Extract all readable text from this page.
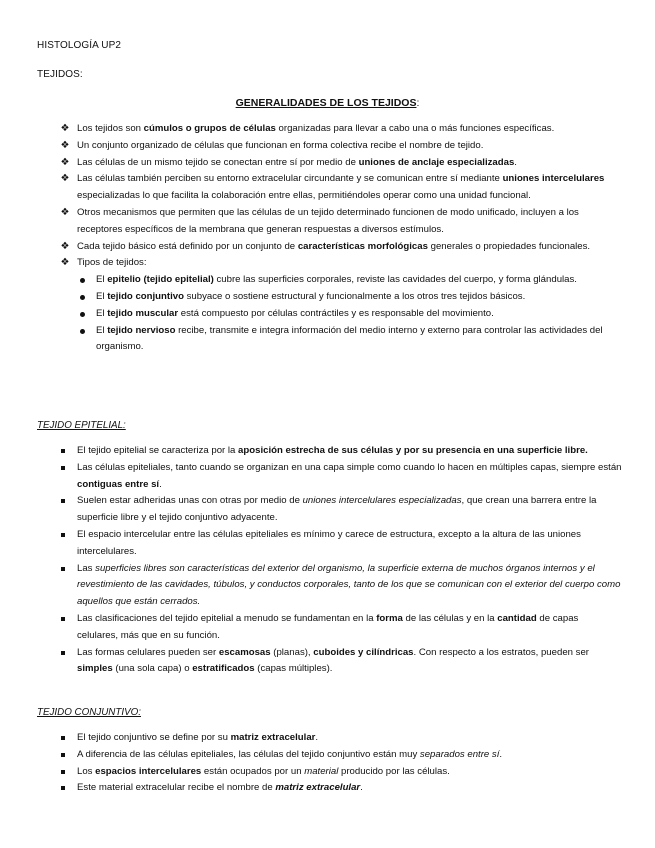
HISTOLOGÍA UP2
TEJIDOS:
GENERALIDADES DE LOS TEJIDOS:
❖ Los tejidos son cúmulos o grupos de células organizadas para llevar a cabo una o más funciones específicas.
❖ Un conjunto organizado de células que funcionan en forma colectiva recibe el nombre de tejido.
❖ Las células de un mismo tejido se conectan entre sí por medio de uniones de anclaje especializadas.
❖ Las células también perciben su entorno extracelular circundante y se comunican entre sí mediante uniones intercelulares especializadas lo que facilita la colaboración entre ellas, permitiéndoles operar como una unidad funcional.
❖ Otros mecanismos que permiten que las células de un tejido determinado funcionen de modo unificado, incluyen a los receptores específicos de la membrana que generan respuestas a diversos estímulos.
❖ Cada tejido básico está definido por un conjunto de características morfológicas generales o propiedades funcionales.
❖ Tipos de tejidos:
El epitelio (tejido epitelial) cubre las superficies corporales, reviste las cavidades del cuerpo, y forma glándulas.
El tejido conjuntivo subyace o sostiene estructural y funcionalmente a los otros tres tejidos básicos.
El tejido muscular está compuesto por células contráctiles y es responsable del movimiento.
El tejido nervioso recibe, transmite e integra información del medio interno y externo para controlar las actividades del organismo.
TEJIDO EPITELIAL:
El tejido epitelial se caracteriza por la aposición estrecha de sus células y por su presencia en una superficie libre.
Las células epiteliales, tanto cuando se organizan en una capa simple como cuando lo hacen en múltiples capas, siempre están contiguas entre sí.
Suelen estar adheridas unas con otras por medio de uniones intercelulares especializadas, que crean una barrera entre la superficie libre y el tejido conjuntivo adyacente.
El espacio intercelular entre las células epiteliales es mínimo y carece de estructura, excepto a la altura de las uniones intercelulares.
Las superficies libres son características del exterior del organismo, la superficie externa de muchos órganos internos y el revestimiento de las cavidades, túbulos, y conductos corporales, tanto de los que se comunican con el exterior del cuerpo como aquellos que están cerrados.
Las clasificaciones del tejido epitelial a menudo se fundamentan en la forma de las células y en la cantidad de capas celulares, más que en su función.
Las formas celulares pueden ser escamosas (planas), cuboides y cilíndricas. Con respecto a los estratos, pueden ser simples (una sola capa) o estratificados (capas múltiples).
TEJIDO CONJUNTIVO:
El tejido conjuntivo se define por su matriz extracelular.
A diferencia de las células epiteliales, las células del tejido conjuntivo están muy separados entre sí.
Los espacios intercelulares están ocupados por un material producido por las células.
Este material extracelular recibe el nombre de matriz extracelular.
